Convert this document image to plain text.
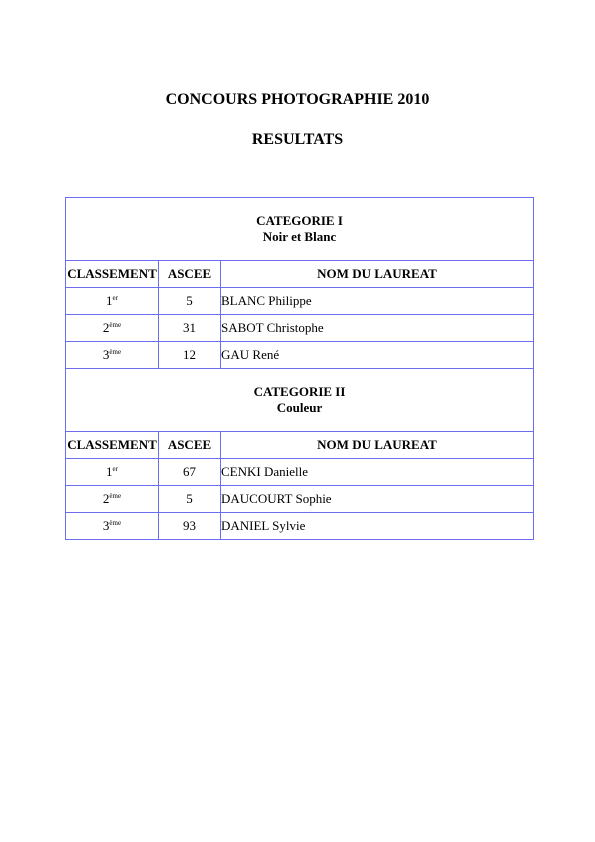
CONCOURS PHOTOGRAPHIE 2010
RESULTATS
CATEGORIE I
Noir et Blanc		

CLASSEMENT	ASCEE	NOM DU LAUREAT
1er	5	BLANC Philippe
2ème	31	SABOT Christophe
3ème	12	GAU René

CATEGORIE II
Couleur		

CLASSEMENT	ASCEE	NOM DU LAUREAT
1er	67	CENKI Danielle
2ème	5	DAUCOURT Sophie
3ème	93	DANIEL Sylvie
